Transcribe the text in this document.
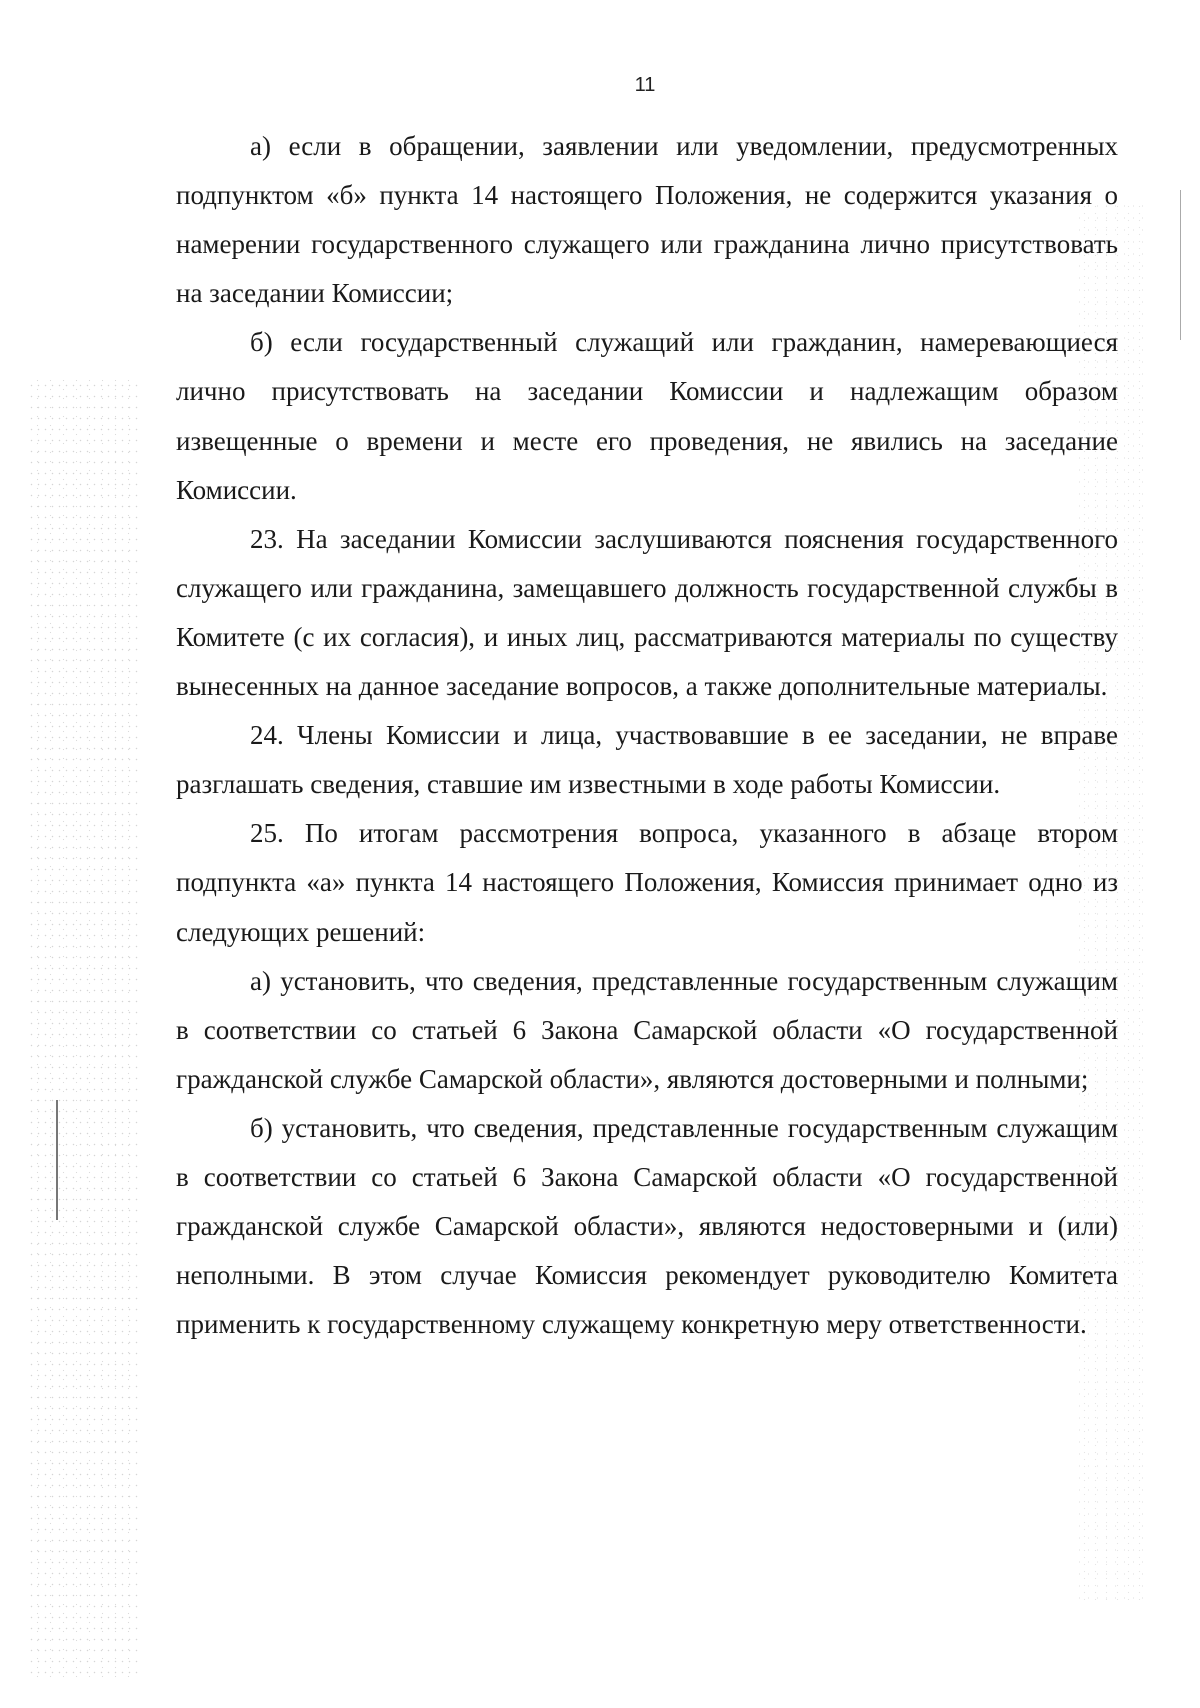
11

а) если в обращении, заявлении или уведомлении, предусмотренных подпунктом «б» пункта 14 настоящего Положения, не содержится указания о намерении государственного служащего или гражданина лично присутствовать на заседании Комиссии;

б) если государственный служащий или гражданин, намеревающиеся лично присутствовать на заседании Комиссии и надлежащим образом извещенные о времени и месте его проведения, не явились на заседание Комиссии.

23. На заседании Комиссии заслушиваются пояснения государственного служащего или гражданина, замещавшего должность государственной службы в Комитете (с их согласия), и иных лиц, рассматриваются материалы по существу вынесенных на данное заседание вопросов, а также дополнительные материалы.

24. Члены Комиссии и лица, участвовавшие в ее заседании, не вправе разглашать сведения, ставшие им известными в ходе работы Комиссии.

25. По итогам рассмотрения вопроса, указанного в абзаце втором подпункта «а» пункта 14 настоящего Положения, Комиссия принимает одно из следующих решений:

а) установить, что сведения, представленные государственным служащим в соответствии со статьей 6 Закона Самарской области «О государственной гражданской службе Самарской области», являются достоверными и полными;

б) установить, что сведения, представленные государственным служащим в соответствии со статьей 6 Закона Самарской области «О государственной гражданской службе Самарской области», являются недостоверными и (или) неполными. В этом случае Комиссия рекомендует руководителю Комитета применить к государственному служащему конкретную меру ответственности.
